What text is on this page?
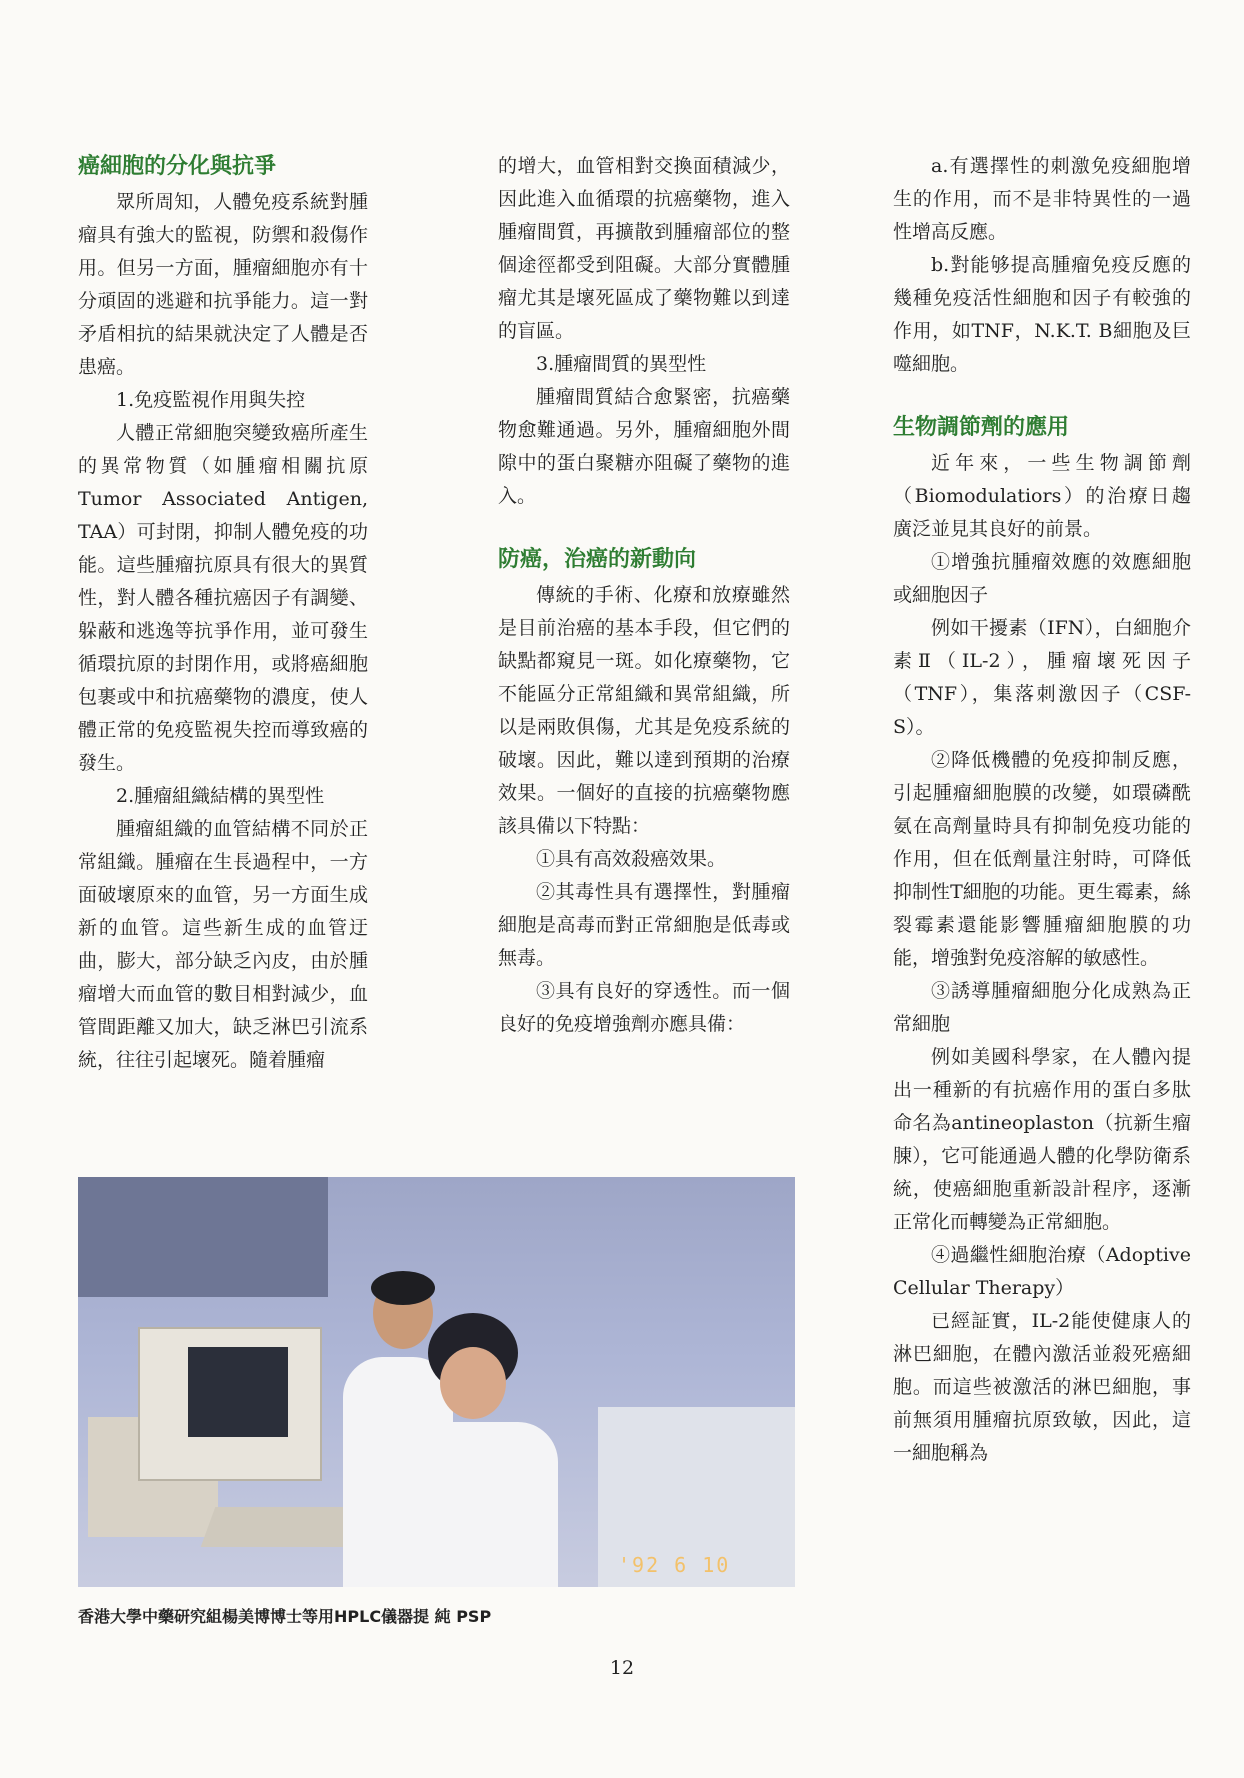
癌細胞的分化與抗爭

眾所周知，人體免疫系統對腫瘤具有強大的監視，防禦和殺傷作用。但另一方面，腫瘤細胞亦有十分頑固的逃避和抗爭能力。這一對矛盾相抗的結果就決定了人體是否患癌。

1.免疫監視作用與失控

人體正常細胞突變致癌所產生的異常物質（如腫瘤相關抗原Tumor Associated Antigen, TAA）可封閉，抑制人體免疫的功能。這些腫瘤抗原具有很大的異質性，對人體各種抗癌因子有調變、躲蔽和逃逸等抗爭作用，並可發生循環抗原的封閉作用，或將癌細胞包裹或中和抗癌藥物的濃度，使人體正常的免疫監視失控而導致癌的發生。

2.腫瘤組織結構的異型性

腫瘤組織的血管結構不同於正常組織。腫瘤在生長過程中，一方面破壞原來的血管，另一方面生成新的血管。這些新生成的血管迂曲，膨大，部分缺乏內皮，由於腫瘤增大而血管的數目相對減少，血管間距離又加大，缺乏淋巴引流系統，往往引起壞死。隨着腫瘤

的增大，血管相對交換面積減少，因此進入血循環的抗癌藥物，進入腫瘤間質，再擴散到腫瘤部位的整個途徑都受到阻礙。大部分實體腫瘤尤其是壞死區成了藥物難以到達的盲區。

3.腫瘤間質的異型性

腫瘤間質結合愈緊密，抗癌藥物愈難通過。另外，腫瘤細胞外間隙中的蛋白聚糖亦阻礙了藥物的進入。

防癌，治癌的新動向

傳統的手術、化療和放療雖然是目前治癌的基本手段，但它們的缺點都窺見一斑。如化療藥物，它不能區分正常組織和異常組織，所以是兩敗俱傷，尤其是免疫系統的破壞。因此，難以達到預期的治療效果。一個好的直接的抗癌藥物應該具備以下特點：

①具有高效殺癌效果。

②其毒性具有選擇性，對腫瘤細胞是高毒而對正常細胞是低毒或無毒。

③具有良好的穿透性。而一個良好的免疫增強劑亦應具備：

a.有選擇性的刺激免疫細胞增生的作用，而不是非特異性的一過性增高反應。

b.對能够提高腫瘤免疫反應的幾種免疫活性細胞和因子有較強的作用，如TNF，N.K.T. B細胞及巨噬細胞。

生物調節劑的應用

近年來，一些生物調節劑（Biomodulatiors）的治療日趨廣泛並見其良好的前景。

①增強抗腫瘤效應的效應細胞或細胞因子

例如干擾素（IFN），白細胞介素Ⅱ（IL-2），腫瘤壞死因子（TNF），集落刺激因子（CSF-S）。

②降低機體的免疫抑制反應，引起腫瘤細胞膜的改變，如環磷酰氨在高劑量時具有抑制免疫功能的作用，但在低劑量注射時，可降低抑制性T細胞的功能。更生霉素，絲裂霉素還能影響腫瘤細胞膜的功能，增強對免疫溶解的敏感性。

③誘導腫瘤細胞分化成熟為正常細胞

例如美國科學家，在人體內提出一種新的有抗癌作用的蛋白多肽命名為antineoplaston（抗新生瘤腖），它可能通過人體的化學防衛系統，使癌細胞重新設計程序，逐漸正常化而轉變為正常細胞。

④過繼性細胞治療（Adoptive Cellular Therapy）

已經証實，IL-2能使健康人的淋巴細胞，在體內激活並殺死癌細胞。而這些被激活的淋巴細胞，事前無須用腫瘤抗原致敏，因此，這一細胞稱為

'92 6 10
香港大學中藥研究組楊美博博士等用HPLC儀器提 純 PSP
12
